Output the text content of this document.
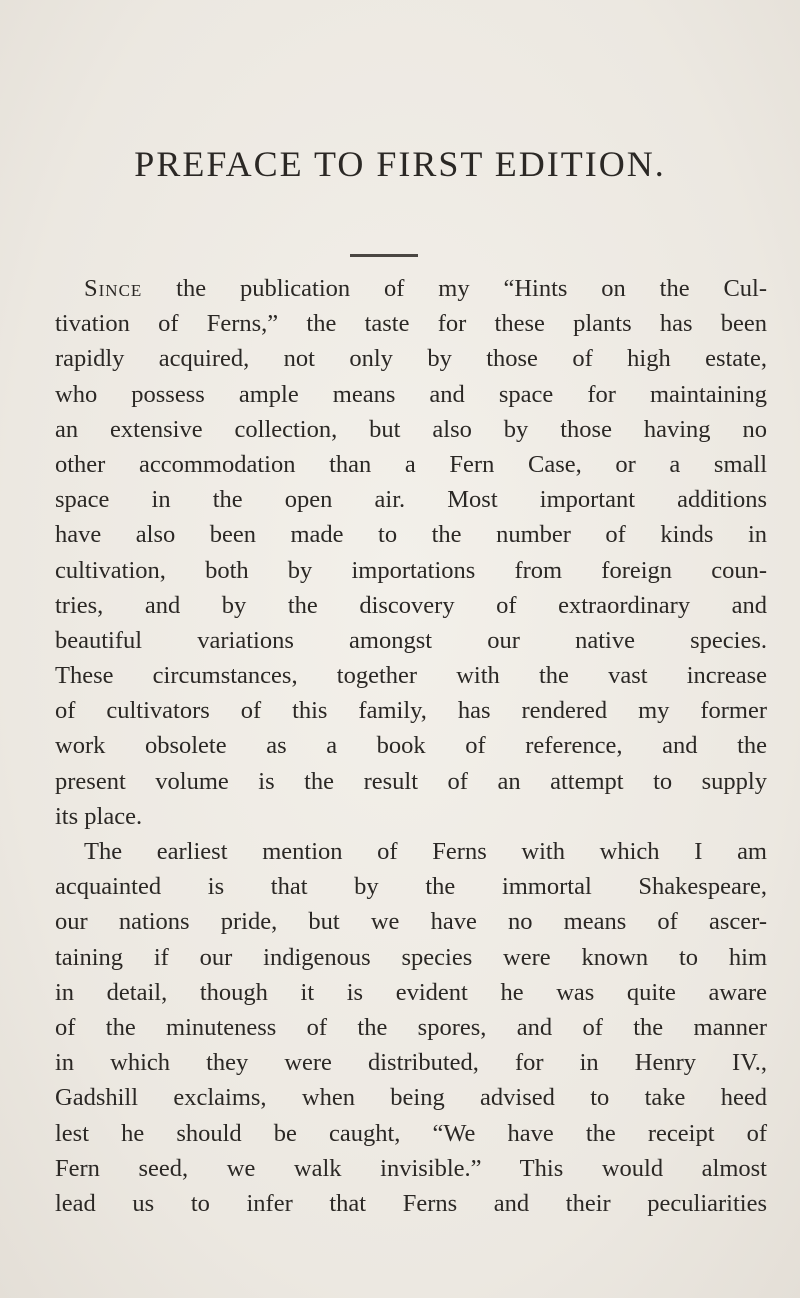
PREFACE TO FIRST EDITION.
Since the publication of my “Hints on the Cul-
tivation of Ferns,” the taste for these plants has been
rapidly acquired, not only by those of high estate,
who possess ample means and space for maintaining
an extensive collection, but also by those having no
other accommodation than a Fern Case, or a small
space in the open air. Most important additions
have also been made to the number of kinds in
cultivation, both by importations from foreign coun-
tries, and by the discovery of extraordinary and
beautiful variations amongst our native species.
These circumstances, together with the vast increase
of cultivators of this family, has rendered my former
work obsolete as a book of reference, and the
present volume is the result of an attempt to supply
its place.
The earliest mention of Ferns with which I am
acquainted is that by the immortal Shakespeare,
our nations pride, but we have no means of ascer-
taining if our indigenous species were known to him
in detail, though it is evident he was quite aware
of the minuteness of the spores, and of the manner
in which they were distributed, for in Henry IV.,
Gadshill exclaims, when being advised to take heed
lest he should be caught, “We have the receipt of
Fern seed, we walk invisible.” This would almost
lead us to infer that Ferns and their peculiarities
